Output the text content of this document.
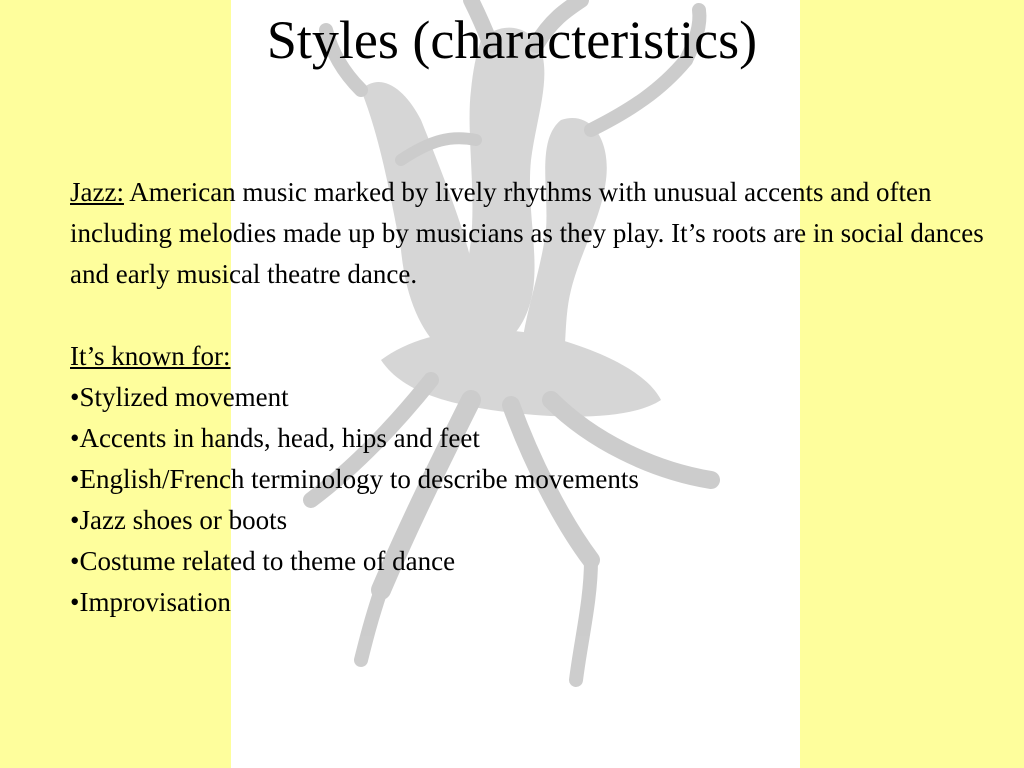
Styles (characteristics)

Jazz: American music marked by lively rhythms with unusual accents and often including melodies made up by musicians as they play. It’s roots are in social dances and early musical theatre dance.

It’s known for:

•Stylized movement
•Accents in hands, head, hips and feet
•English/French terminology to describe movements
•Jazz shoes or boots
•Costume related to theme of dance
•Improvisation
